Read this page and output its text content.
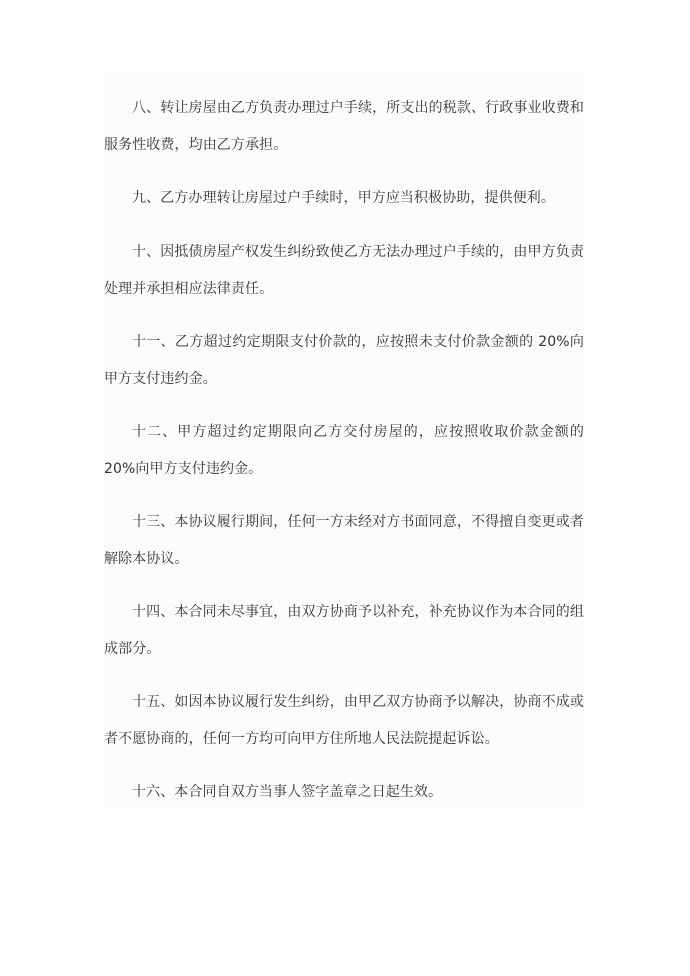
八、转让房屋由乙方负责办理过户手续，所支出的税款、行政事业收费和服务性收费，均由乙方承担。

九、乙方办理转让房屋过户手续时，甲方应当积极协助，提供便利。

十、因抵债房屋产权发生纠纷致使乙方无法办理过户手续的，由甲方负责处理并承担相应法律责任。

十一、乙方超过约定期限支付价款的，应按照未支付价款金额的 20%向甲方支付违约金。

十二、甲方超过约定期限向乙方交付房屋的，应按照收取价款金额的 20%向甲方支付违约金。

十三、本协议履行期间，任何一方未经对方书面同意，不得擅自变更或者解除本协议。

十四、本合同未尽事宜，由双方协商予以补充，补充协议作为本合同的组成部分。

十五、如因本协议履行发生纠纷，由甲乙双方协商予以解决，协商不成或者不愿协商的，任何一方均可向甲方住所地人民法院提起诉讼。

十六、本合同自双方当事人签字盖章之日起生效。
